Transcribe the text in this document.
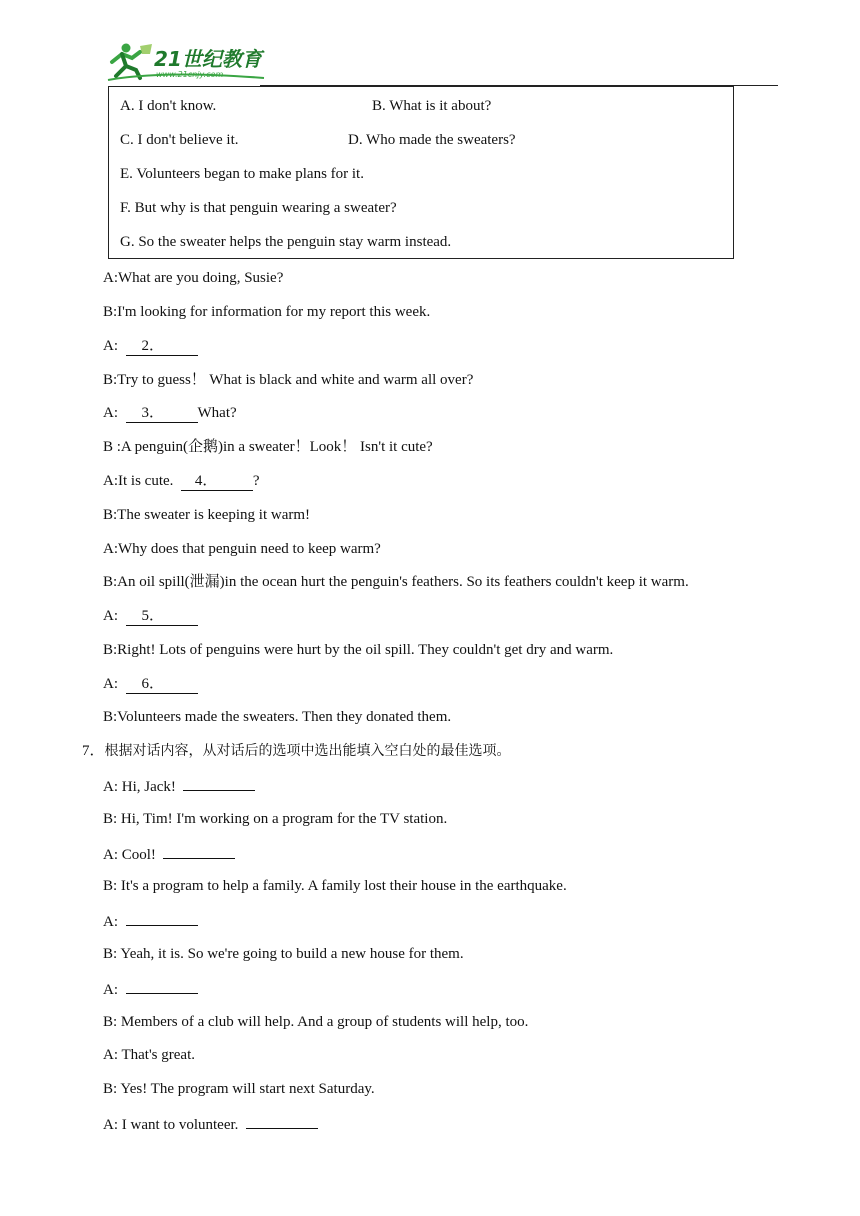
21世纪教育
www.21cnjy.com
A. I don't know.	B. What is it about?
C. I don't believe it.	D. Who made the sweaters?
E. Volunteers began to make plans for it.
F. But why is that penguin wearing a sweater?
G. So the sweater helps the penguin stay warm instead.
A:What are you doing, Susie?
B:I'm looking for information for my report this week.
A: 2．
B:Try to guess！ What is black and white and warm all over?
A: 3． What?
B :A penguin(企鹅)in a sweater！Look！ Isn't it cute?
A:It is cute. 4． ?
B:The sweater is keeping it warm!
A:Why does that penguin need to keep warm?
B:An oil spill(泄漏)in the ocean hurt the penguin's feathers. So its feathers couldn't keep it warm.
A: 5．
B:Right! Lots of penguins were hurt by the oil spill. They couldn't get dry and warm.
A: 6．
B:Volunteers made the sweaters. Then they donated them.
7．根据对话内容，从对话后的选项中选出能填入空白处的最佳选项。
A: Hi, Jack!
B: Hi, Tim! I'm working on a program for the TV station.
A: Cool!
B: It's a program to help a family. A family lost their house in the earthquake.
A:
B: Yeah, it is. So we're going to build a new house for them.
A:
B: Members of a club will help. And a group of students will help, too.
A: That's great.
B: Yes! The program will start next Saturday.
A: I want to volunteer.
